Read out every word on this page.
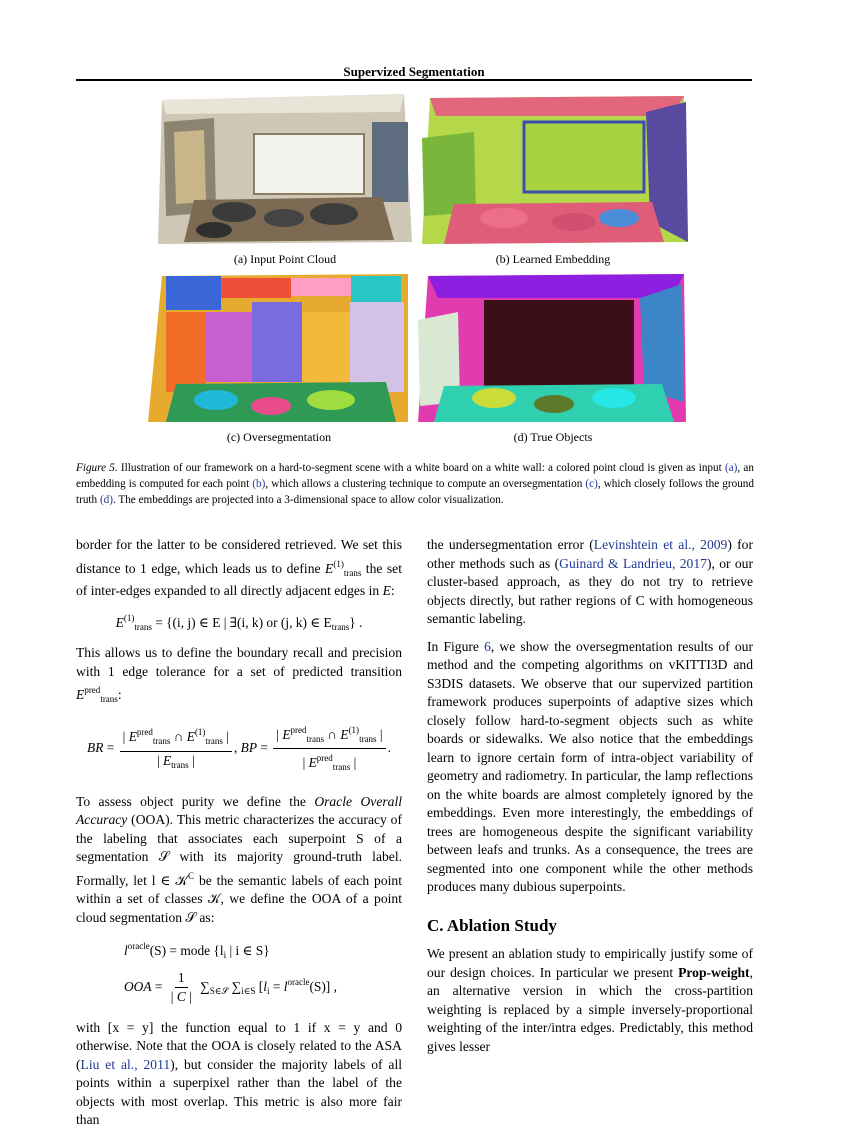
Supervized Segmentation
(a) Input Point Cloud	(b) Learned Embedding
(c) Oversegmentation	(d) True Objects
Figure 5. Illustration of our framework on a hard-to-segment scene with a white board on a white wall: a colored point cloud is given as input (a), an embedding is computed for each point (b), which allows a clustering technique to compute an oversegmentation (c), which closely follows the ground truth (d). The embeddings are projected into a 3-dimensional space to allow color visualization.

border for the latter to be considered retrieved. We set this distance to 1 edge, which leads us to define $E^{(1)}_{trans}$ the set of inter-edges expanded to all directly adjacent edges in E:

$E^{(1)}_{trans} = \{(i$, j) ∈ E | ∃(i, k) or (j, k) ∈ $E_{trans}$} .

This allows us to define the boundary recall and precision with 1 edge tolerance for a set of predicted transition $E^{pred}_{trans}$:

BR = $\frac{| E^{pred}_{trans} \cap E^{(1)}_{trans} |}{| E_{trans} |}$ , BP = $\frac{| E^{pred}_{trans} \cap E^{(1)}_{trans} |}{| E^{pred}_{trans} |}$ .

To assess object purity we define the Oracle Overall Accuracy (OOA). This metric characterizes the accuracy of the labeling that associates each superpoint S of a segmentation 𝒮 with its majority ground-truth label. Formally, let l ∈ 𝒦$^C$ be the semantic labels of each point within a set of classes 𝒦, we define the OOA of a point cloud segmentation 𝒮 as:

$l^{oracle}(S)$ = mode {$l_i$ | i ∈ S}
OOA = $\frac{1}{| C |} \sum_{S\in 𝒮}$ $\sum_{i\in S}$ $[l_i = l^{oracle}(S)]$ ,

with [x = y] the function equal to 1 if x = y and 0 otherwise. Note that the OOA is closely related to the ASA (Liu et al., 2011), but consider the majority labels of all points within a superpixel rather than the label of the objects with most overlap. This metric is also more fair than

the undersegmentation error (Levinshtein et al., 2009) for other methods such as (Guinard & Landrieu, 2017), or our cluster-based approach, as they do not try to retrieve objects directly, but rather regions of C with homogeneous semantic labeling.

In Figure 6, we show the oversegmentation results of our method and the competing algorithms on vKITTI3D and S3DIS datasets. We observe that our supervized partition framework produces superpoints of adaptive sizes which closely follow hard-to-segment objects such as white boards or sidewalks. We also notice that the embeddings learn to ignore certain form of intra-object variability of geometry and radiometry. In particular, the lamp reflections on the white boards are almost completely ignored by the embeddings. Even more interestingly, the embeddings of trees are homogeneous despite the significant variability between leafs and trunks. As a consequence, the trees are segmented into one component while the other methods produces many dubious superpoints.

C. Ablation Study

We present an ablation study to empirically justify some of our design choices. In particular we present Prop-weight, an alternative version in which the cross-partition weighting is replaced by a simple inversely-proportional weighting of the inter/intra edges. Predictably, this method gives lesser
